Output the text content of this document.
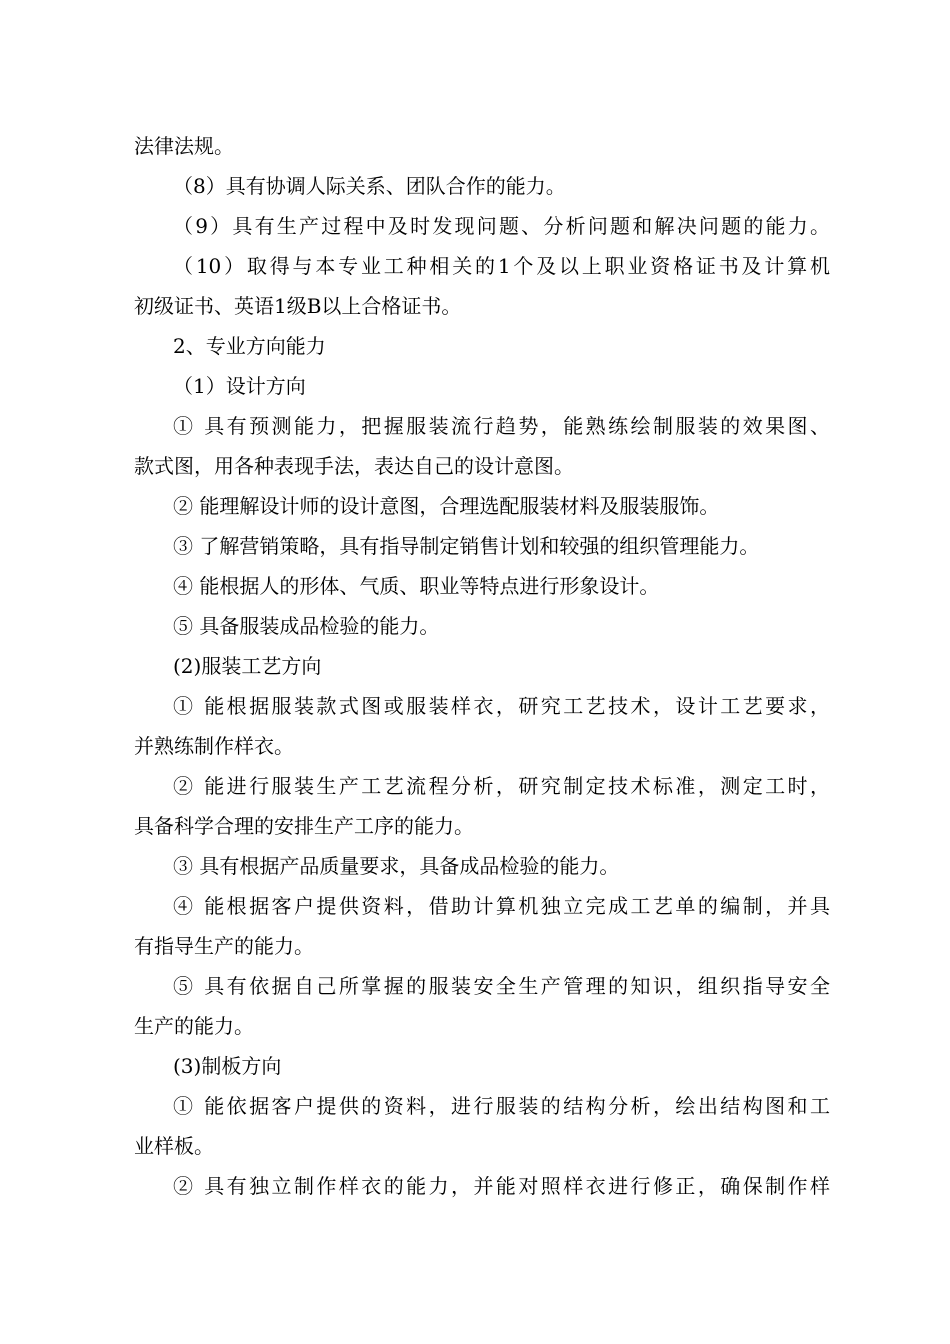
法律法规。
（8）具有协调人际关系、团队合作的能力。
（9）具有生产过程中及时发现问题、分析问题和解决问题的能力。
（10）取得与本专业工种相关的1个及以上职业资格证书及计算机
初级证书、英语1级B以上合格证书。
2、专业方向能力
（1）设计方向
① 具有预测能力，把握服装流行趋势，能熟练绘制服装的效果图、
款式图，用各种表现手法，表达自己的设计意图。
② 能理解设计师的设计意图，合理选配服装材料及服装服饰。
③ 了解营销策略，具有指导制定销售计划和较强的组织管理能力。
④ 能根据人的形体、气质、职业等特点进行形象设计。
⑤ 具备服装成品检验的能力。
(2)服装工艺方向
① 能根据服装款式图或服装样衣，研究工艺技术，设计工艺要求，
并熟练制作样衣。
② 能进行服装生产工艺流程分析，研究制定技术标准，测定工时，
具备科学合理的安排生产工序的能力。
③ 具有根据产品质量要求，具备成品检验的能力。
④ 能根据客户提供资料，借助计算机独立完成工艺单的编制，并具
有指导生产的能力。
⑤ 具有依据自己所掌握的服装安全生产管理的知识，组织指导安全
生产的能力。
(3)制板方向
① 能依据客户提供的资料，进行服装的结构分析，绘出结构图和工
业样板。
② 具有独立制作样衣的能力，并能对照样衣进行修正，确保制作样
